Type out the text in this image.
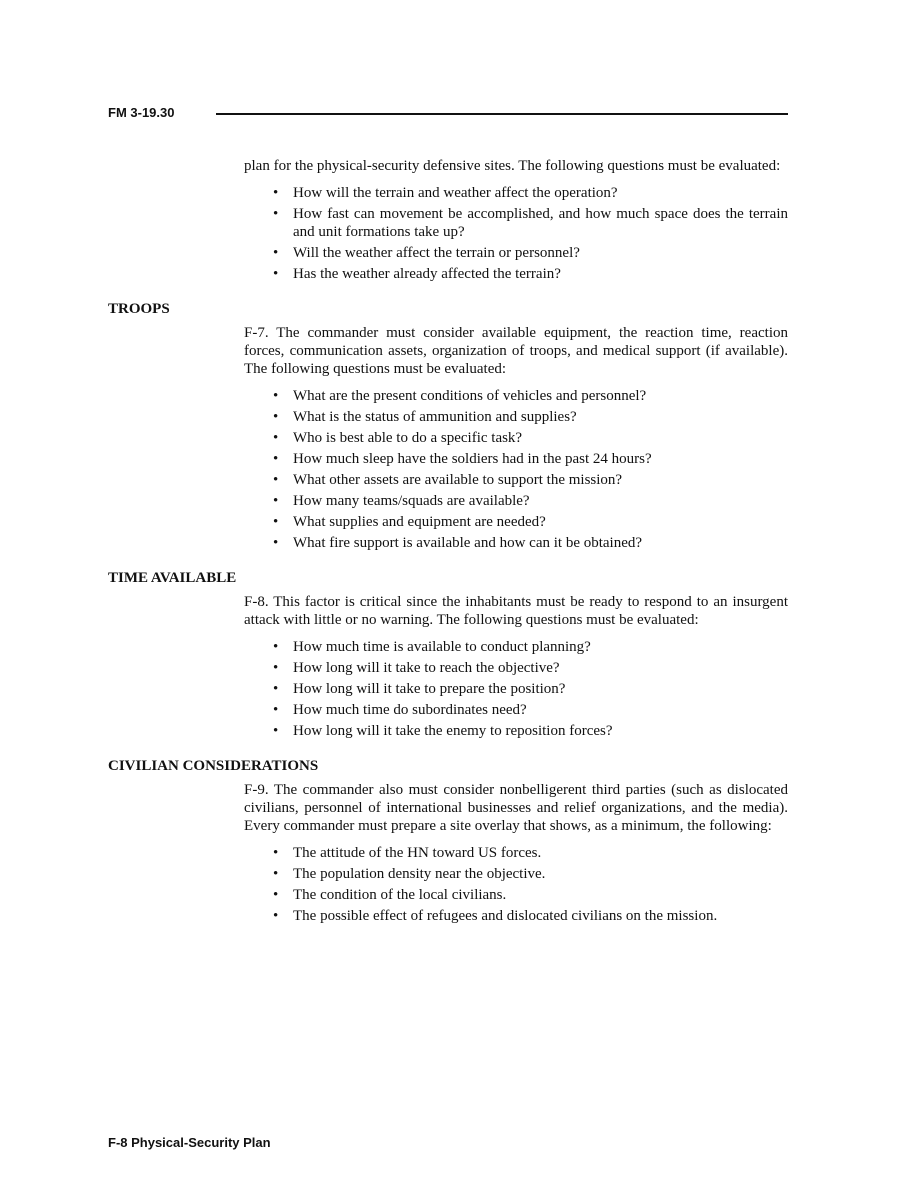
FM 3-19.30

plan for the physical-security defensive sites. The following questions must be evaluated:

• How will the terrain and weather affect the operation?
• How fast can movement be accomplished, and how much space does the terrain and unit formations take up?
• Will the weather affect the terrain or personnel?
• Has the weather already affected the terrain?
TROOPS

F-7. The commander must consider available equipment, the reaction time, reaction forces, communication assets, organization of troops, and medical support (if available). The following questions must be evaluated:

• What are the present conditions of vehicles and personnel?
• What is the status of ammunition and supplies?
• Who is best able to do a specific task?
• How much sleep have the soldiers had in the past 24 hours?
• What other assets are available to support the mission?
• How many teams/squads are available?
• What supplies and equipment are needed?
• What fire support is available and how can it be obtained?
TIME AVAILABLE

F-8. This factor is critical since the inhabitants must be ready to respond to an insurgent attack with little or no warning. The following questions must be evaluated:

• How much time is available to conduct planning?
• How long will it take to reach the objective?
• How long will it take to prepare the position?
• How much time do subordinates need?
• How long will it take the enemy to reposition forces?
CIVILIAN CONSIDERATIONS

F-9. The commander also must consider nonbelligerent third parties (such as dislocated civilians, personnel of international businesses and relief organizations, and the media). Every commander must prepare a site overlay that shows, as a minimum, the following:

• The attitude of the HN toward US forces.
• The population density near the objective.
• The condition of the local civilians.
• The possible effect of refugees and dislocated civilians on the mission.
F-8 Physical-Security Plan
